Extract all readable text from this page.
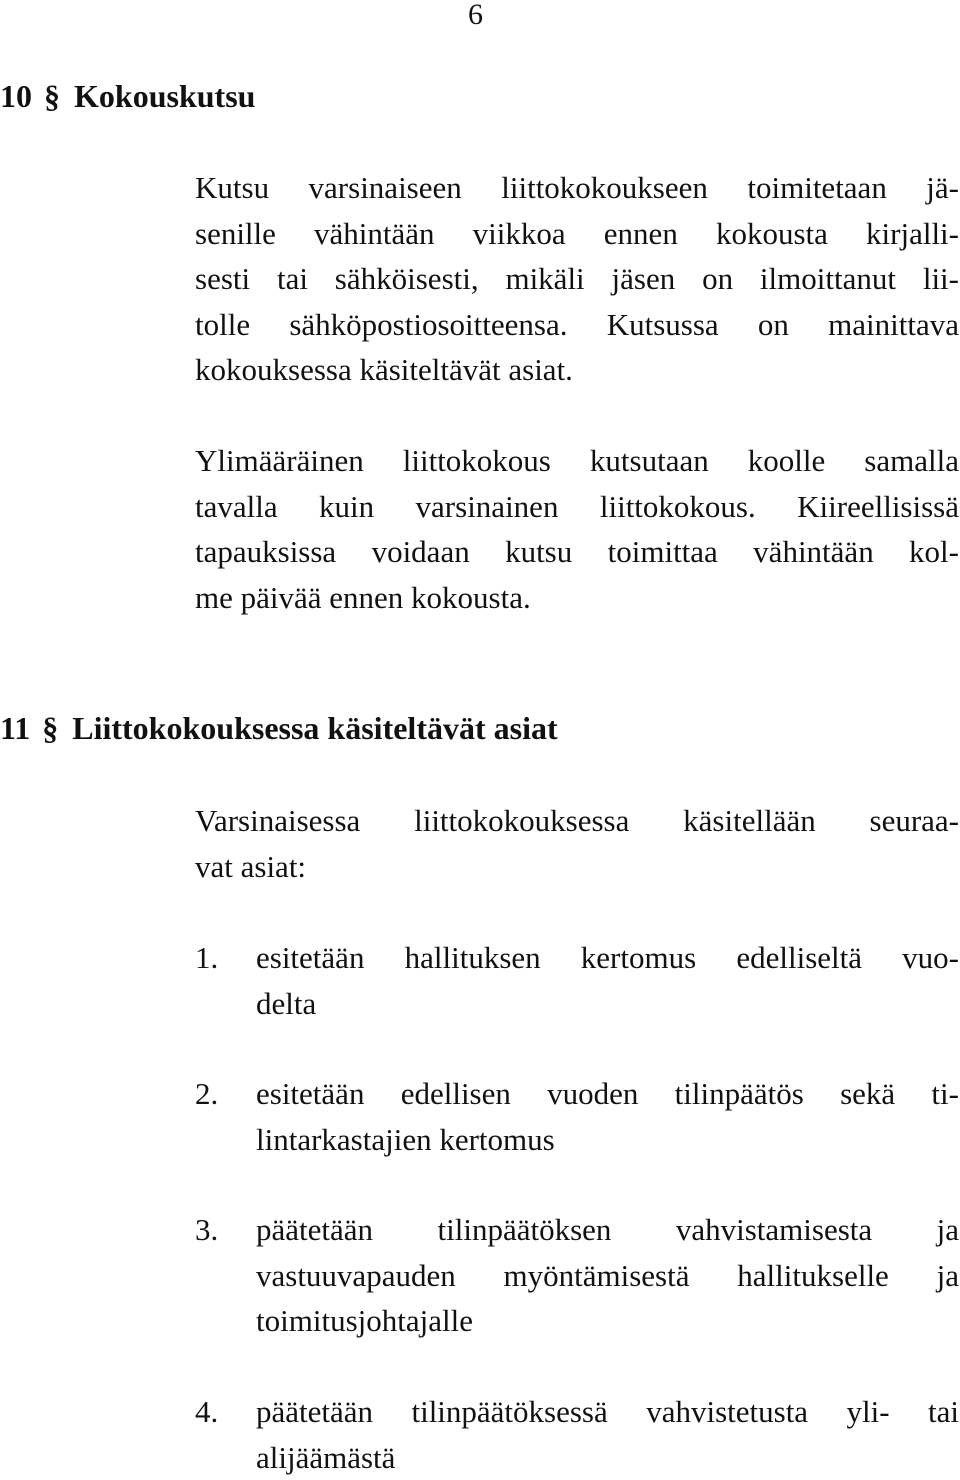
6
10 § Kokouskutsu
Kutsu varsinaiseen liittokokoukseen toimitetaan jä-
senille vähintään viikkoa ennen kokousta kirjalli-
sesti tai sähköisesti, mikäli jäsen on ilmoittanut lii-
tolle sähköpostiosoitteensa. Kutsussa on mainittava
kokouksessa käsiteltävät asiat.
Ylimääräinen liittokokous kutsutaan koolle samalla
tavalla kuin varsinainen liittokokous. Kiireellisissä
tapauksissa voidaan kutsu toimittaa vähintään kol-
me päivää ennen kokousta.
11 § Liittokokouksessa käsiteltävät asiat
Varsinaisessa liittokokouksessa käsitellään seuraa-
vat asiat:
1. esitetään hallituksen kertomus edelliseltä vuo-
delta
2. esitetään edellisen vuoden tilinpäätös sekä ti-
lintarkastajien kertomus
3. päätetään tilinpäätöksen vahvistamisesta ja
vastuuvapauden myöntämisestä hallitukselle ja
toimitusjohtajalle
4. päätetään tilinpäätöksessä vahvistetusta yli- tai
alijäämästä
